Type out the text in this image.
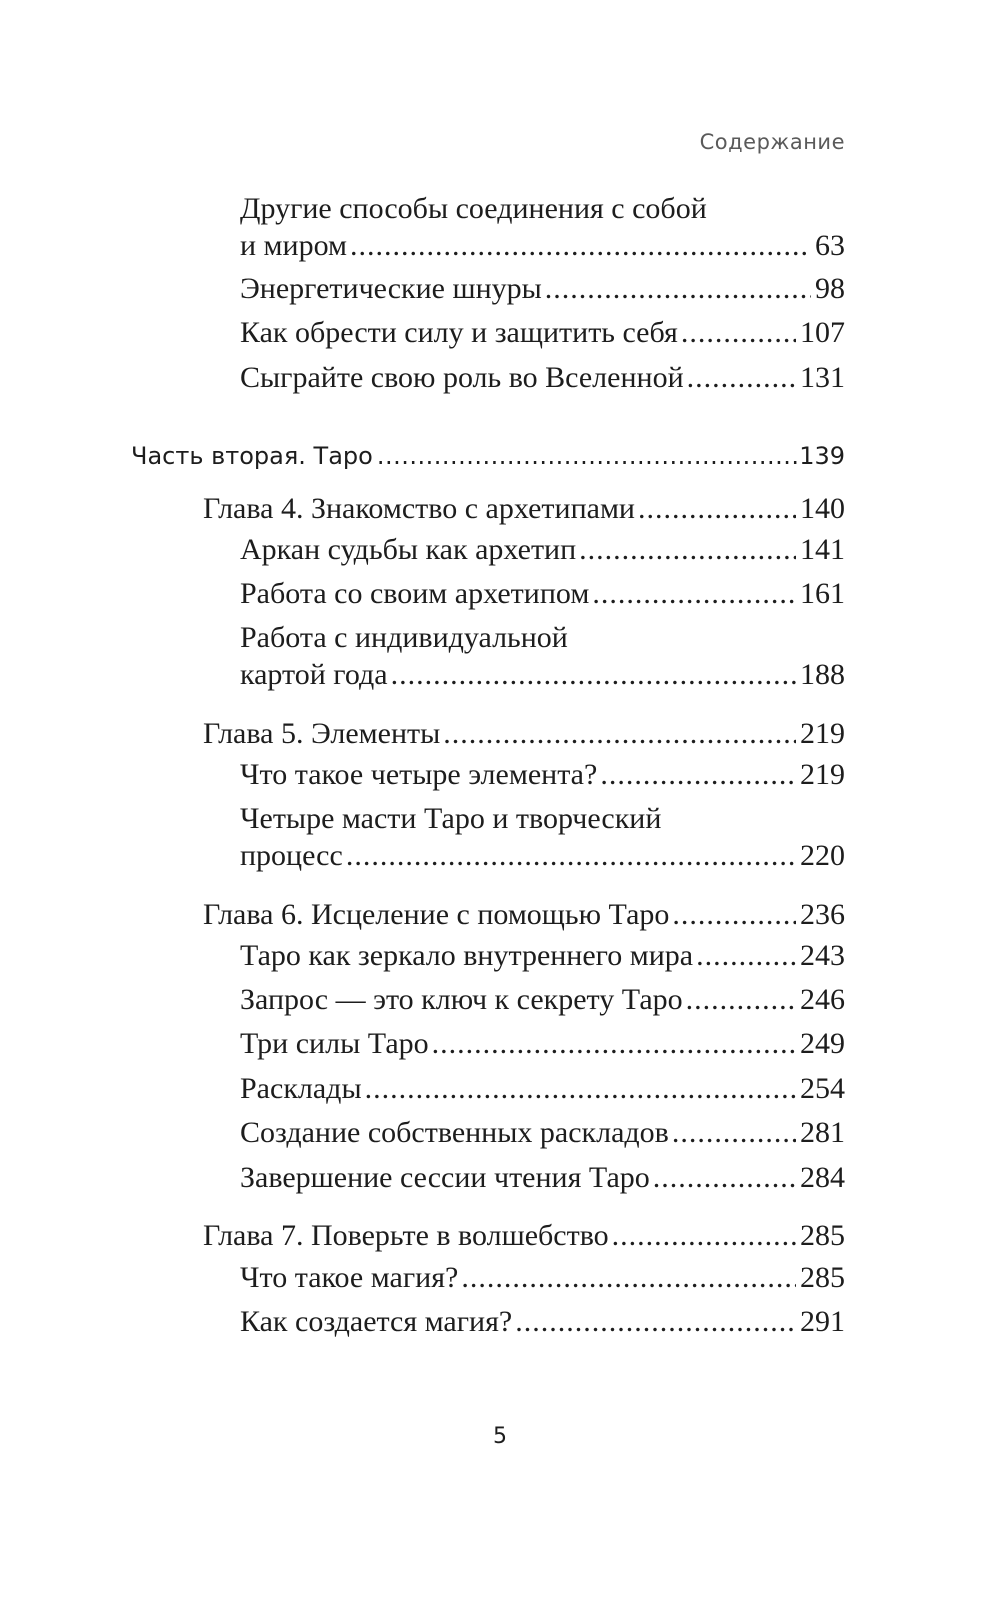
Содержание
Другие способы соединения с собой
и миром .....	63
Энергетические шнуры .....	98
Как обрести силу и защитить себя .....	107
Сыграйте свою роль во Вселенной .....	131
Часть вторая. Таро .....	139
Глава 4. Знакомство с архетипами .....	140
Аркан судьбы как архетип .....	141
Работа со своим архетипом .....	161
Работа с индивидуальной
картой года .....	188
Глава 5. Элементы .....	219
Что такое четыре элемента? .....	219
Четыре масти Таро и творческий
процесс .....	220
Глава 6. Исцеление с помощью Таро .....	236
Таро как зеркало внутреннего мира .....	243
Запрос — это ключ к секрету Таро .....	246
Три силы Таро .....	249
Расклады .....	254
Создание собственных раскладов .....	281
Завершение сессии чтения Таро .....	284
Глава 7. Поверьте в волшебство .....	285
Что такое магия? .....	285
Как создается магия? .....	291
5
